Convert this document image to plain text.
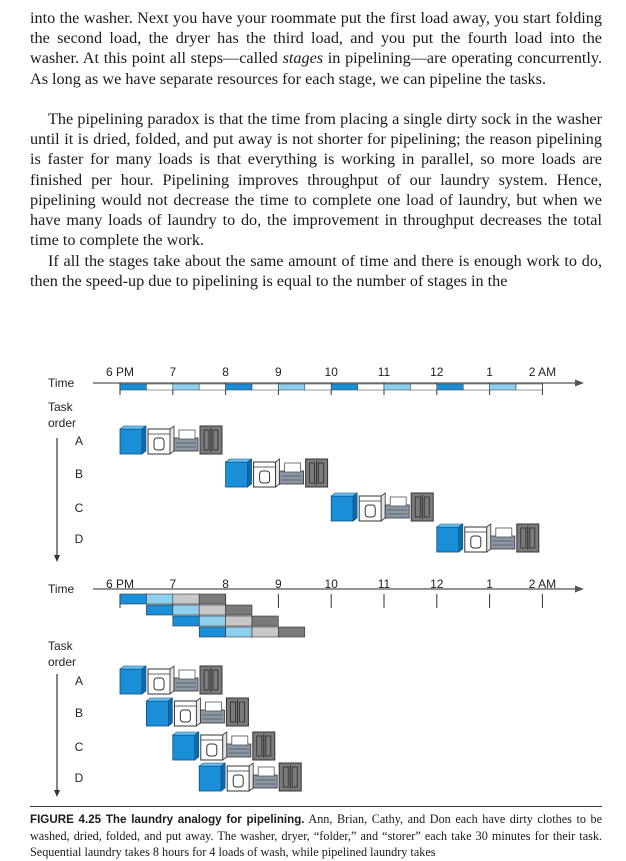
into the washer. Next you have your roommate put the first load away, you start folding the second load, the dryer has the third load, and you put the fourth load into the washer. At this point all steps—called stages in pipelining—are operating concurrently. As long as we have separate resources for each stage, we can pipeline the tasks.

The pipelining paradox is that the time from placing a single dirty sock in the washer until it is dried, folded, and put away is not shorter for pipelining; the reason pipelining is faster for many loads is that everything is working in parallel, so more loads are finished per hour. Pipelining improves throughput of our laundry system. Hence, pipelining would not decrease the time to complete one load of laundry, but when we have many loads of laundry to do, the improvement in throughput decreases the total time to complete the work.

If all the stages take about the same amount of time and there is enough work to do, then the speed-up due to pipelining is equal to the number of stages in the

Time
6 PM	7	8	9	10	11	12	1	2 AM
Task
order
A
B
C
D
Time	6 PM	7	8	9	10	11	12	1	2 AM
Task
order
A
B
C
D
FIGURE 4.25 The laundry analogy for pipelining. Ann, Brian, Cathy, and Don each have dirty clothes to be washed, dried, folded, and put away. The washer, dryer, “folder,” and “storer” each take 30 minutes for their task. Sequential laundry takes 8 hours for 4 loads of wash, while pipelined laundry takes
